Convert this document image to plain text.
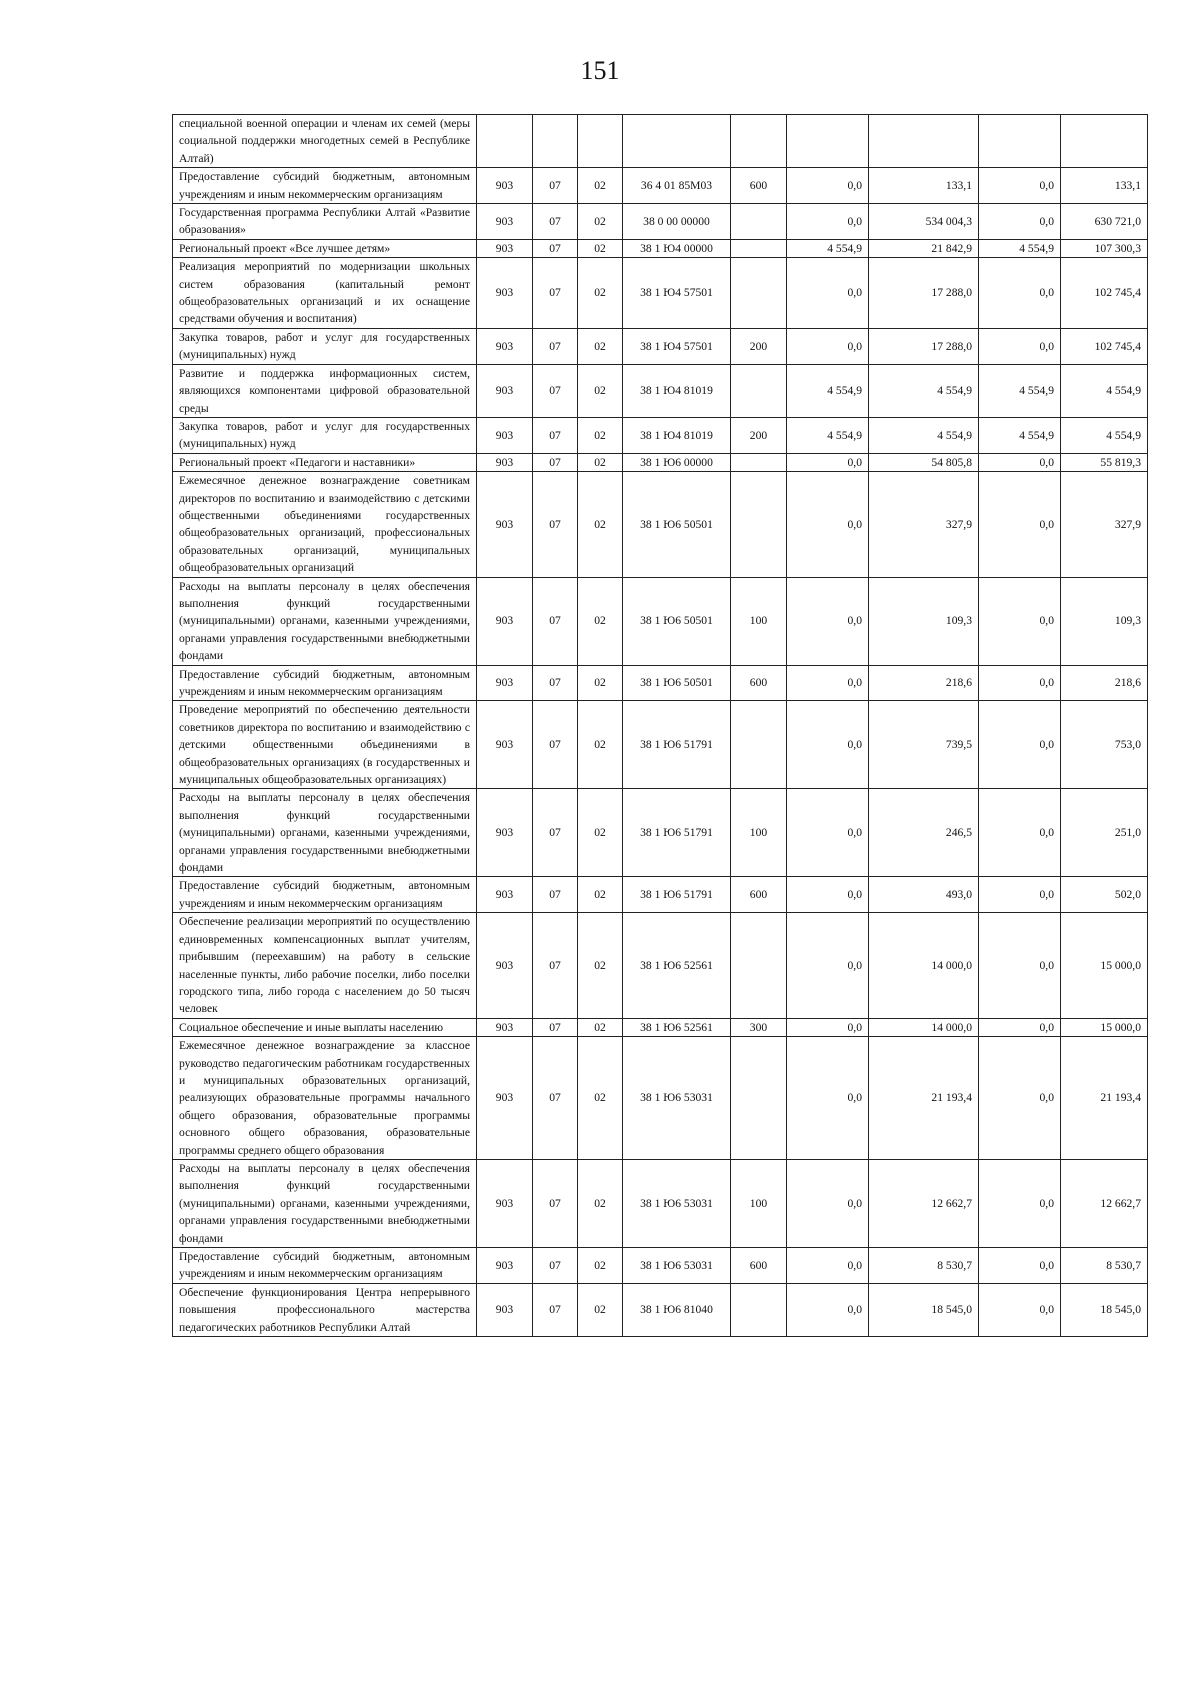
151
специальной военной операции и членам их семей (меры социальной поддержки многодетных семей в Республике Алтай)									
Предоставление субсидий бюджетным, автономным учреждениям и иным некоммерческим организациям	903	07	02	36 4 01 85М03	600	0,0	133,1	0,0	133,1
Государственная программа Республики Алтай «Развитие образования»	903	07	02	38 0 00 00000		0,0	534 004,3	0,0	630 721,0
Региональный проект «Все лучшее детям»	903	07	02	38 1 Ю4 00000		4 554,9	21 842,9	4 554,9	107 300,3
Реализация мероприятий по модернизации школьных систем образования (капитальный ремонт общеобразовательных организаций и их оснащение средствами обучения и воспитания)	903	07	02	38 1 Ю4 57501		0,0	17 288,0	0,0	102 745,4
Закупка товаров, работ и услуг для государственных (муниципальных) нужд	903	07	02	38 1 Ю4 57501	200	0,0	17 288,0	0,0	102 745,4
Развитие и поддержка информационных систем, являющихся компонентами цифровой образовательной среды	903	07	02	38 1 Ю4 81019		4 554,9	4 554,9	4 554,9	4 554,9
Закупка товаров, работ и услуг для государственных (муниципальных) нужд	903	07	02	38 1 Ю4 81019	200	4 554,9	4 554,9	4 554,9	4 554,9
Региональный проект «Педагоги и наставники»	903	07	02	38 1 Ю6 00000		0,0	54 805,8	0,0	55 819,3
Ежемесячное денежное вознаграждение советникам директоров по воспитанию и взаимодействию с детскими общественными объединениями государственных общеобразовательных организаций, профессиональных образовательных организаций, муниципальных общеобразовательных организаций	903	07	02	38 1 Ю6 50501		0,0	327,9	0,0	327,9
Расходы на выплаты персоналу в целях обеспечения выполнения функций государственными (муниципальными) органами, казенными учреждениями, органами управления государственными внебюджетными фондами	903	07	02	38 1 Ю6 50501	100	0,0	109,3	0,0	109,3
Предоставление субсидий бюджетным, автономным учреждениям и иным некоммерческим организациям	903	07	02	38 1 Ю6 50501	600	0,0	218,6	0,0	218,6
Проведение мероприятий по обеспечению деятельности советников директора по воспитанию и взаимодействию с детскими общественными объединениями в общеобразовательных организациях (в государственных и муниципальных общеобразовательных организациях)	903	07	02	38 1 Ю6 51791		0,0	739,5	0,0	753,0
Расходы на выплаты персоналу в целях обеспечения выполнения функций государственными (муниципальными) органами, казенными учреждениями, органами управления государственными внебюджетными фондами	903	07	02	38 1 Ю6 51791	100	0,0	246,5	0,0	251,0
Предоставление субсидий бюджетным, автономным учреждениям и иным некоммерческим организациям	903	07	02	38 1 Ю6 51791	600	0,0	493,0	0,0	502,0
Обеспечение реализации мероприятий по осуществлению единовременных компенсационных выплат учителям, прибывшим (переехавшим) на работу в сельские населенные пункты, либо рабочие поселки, либо поселки городского типа, либо города с населением до 50 тысяч человек	903	07	02	38 1 Ю6 52561		0,0	14 000,0	0,0	15 000,0
Социальное обеспечение и иные выплаты населению	903	07	02	38 1 Ю6 52561	300	0,0	14 000,0	0,0	15 000,0
Ежемесячное денежное вознаграждение за классное руководство педагогическим работникам государственных и муниципальных образовательных организаций, реализующих образовательные программы начального общего образования, образовательные программы основного общего образования, образовательные программы среднего общего образования	903	07	02	38 1 Ю6 53031		0,0	21 193,4	0,0	21 193,4
Расходы на выплаты персоналу в целях обеспечения выполнения функций государственными (муниципальными) органами, казенными учреждениями, органами управления государственными внебюджетными фондами	903	07	02	38 1 Ю6 53031	100	0,0	12 662,7	0,0	12 662,7
Предоставление субсидий бюджетным, автономным учреждениям и иным некоммерческим организациям	903	07	02	38 1 Ю6 53031	600	0,0	8 530,7	0,0	8 530,7
Обеспечение функционирования Центра непрерывного повышения профессионального мастерства педагогических работников Республики Алтай	903	07	02	38 1 Ю6 81040		0,0	18 545,0	0,0	18 545,0
